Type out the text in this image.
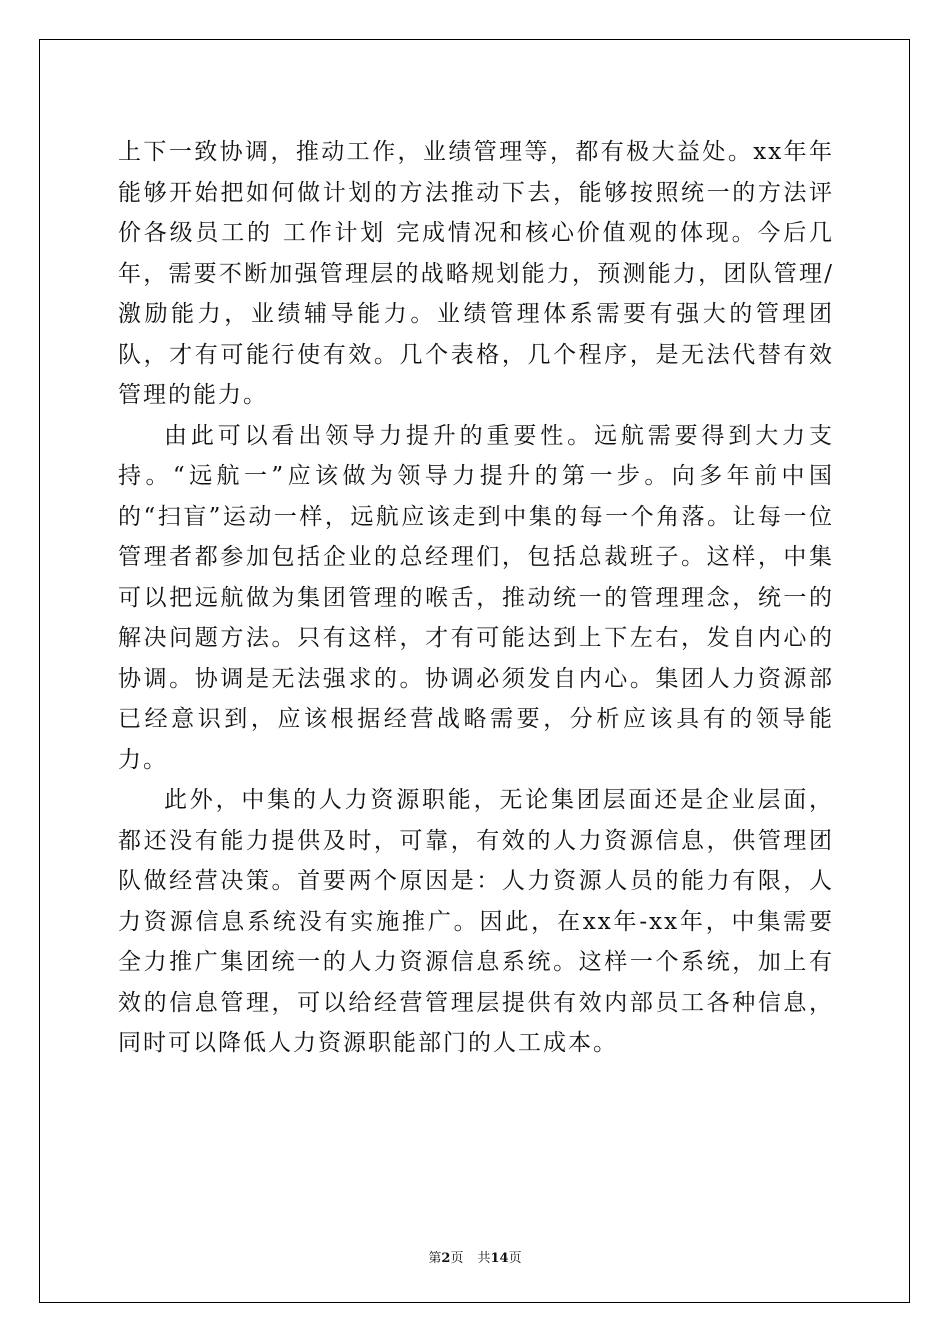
上下一致协调，推动工作，业绩管理等，都有极大益处。xx年年能够开始把如何做计划的方法推动下去，能够按照统一的方法评价各级员工的 工作计划 完成情况和核心价值观的体现。今后几年，需要不断加强管理层的战略规划能力，预测能力，团队管理/激励能力，业绩辅导能力。业绩管理体系需要有强大的管理团队，才有可能行使有效。几个表格，几个程序，是无法代替有效管理的能力。

由此可以看出领导力提升的重要性。远航需要得到大力支持。“远航一”应该做为领导力提升的第一步。向多年前中国的“扫盲”运动一样，远航应该走到中集的每一个角落。让每一位管理者都参加包括企业的总经理们，包括总裁班子。这样，中集可以把远航做为集团管理的喉舌，推动统一的管理理念，统一的解决问题方法。只有这样，才有可能达到上下左右，发自内心的协调。协调是无法强求的。协调必须发自内心。集团人力资源部已经意识到，应该根据经营战略需要，分析应该具有的领导能力。

此外，中集的人力资源职能，无论集团层面还是企业层面，都还没有能力提供及时，可靠，有效的人力资源信息，供管理团队做经营决策。首要两个原因是：人力资源人员的能力有限，人力资源信息系统没有实施推广。因此，在xx年-xx年，中集需要全力推广集团统一的人力资源信息系统。这样一个系统，加上有效的信息管理，可以给经营管理层提供有效内部员工各种信息，同时可以降低人力资源职能部门的人工成本。

第2页 共14页
